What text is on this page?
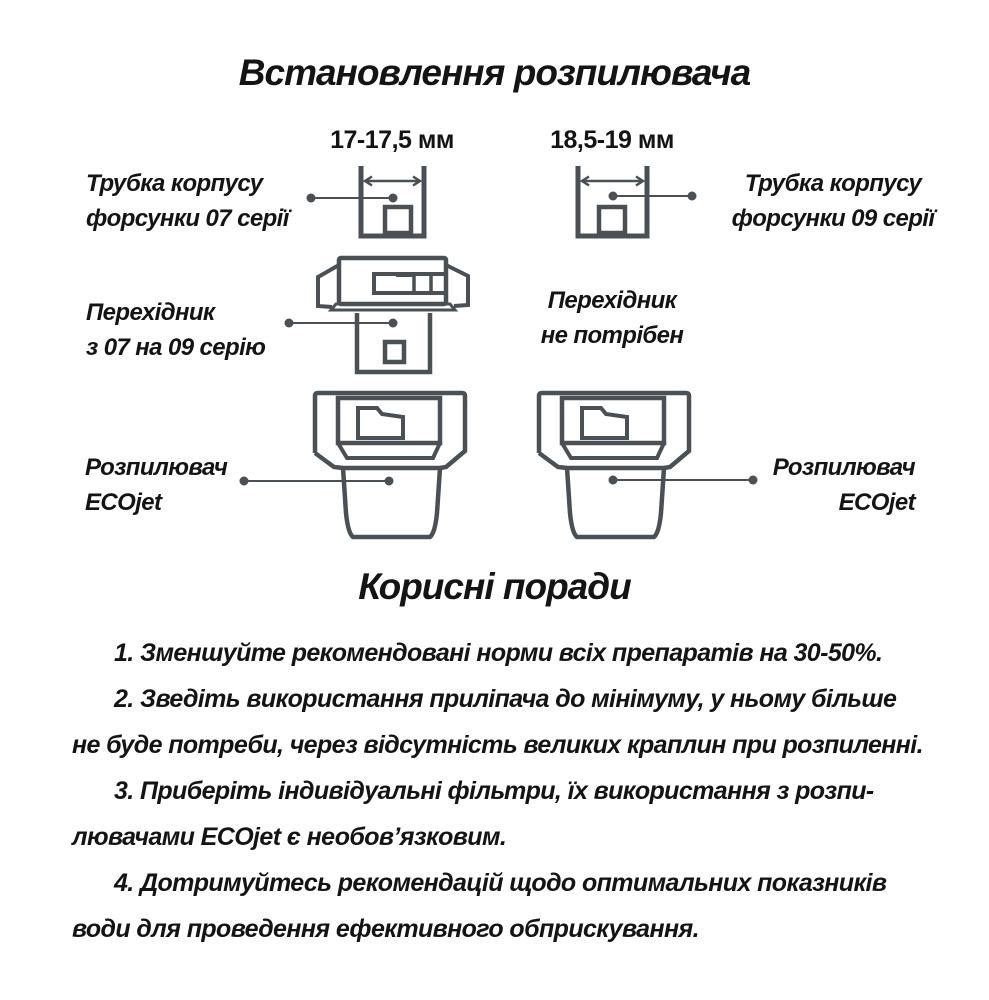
Встановлення розпилювача
17-17,5 мм	18,5-19 мм
Трубка корпусу
форсунки 07 серії
Трубка корпусу
форсунки 09 серії
Перехідник
з 07 на 09 серію
Перехідник
не потрібен
Розпилювач
ECOjet
Розпилювач
ECOjet
Корисні поради
1. Зменшуйте рекомендовані норми всіх препаратів на 30-50%.
2. Зведіть використання приліпача до мінімуму, у ньому більше
не буде потреби, через відсутність великих краплин при розпиленні.
3. Приберіть індивідуальні фільтри, їх використання з розпи-
лювачами ECOjet є необов’язковим.
4. Дотримуйтесь рекомендацій щодо оптимальних показників
води для проведення ефективного обприскування.
